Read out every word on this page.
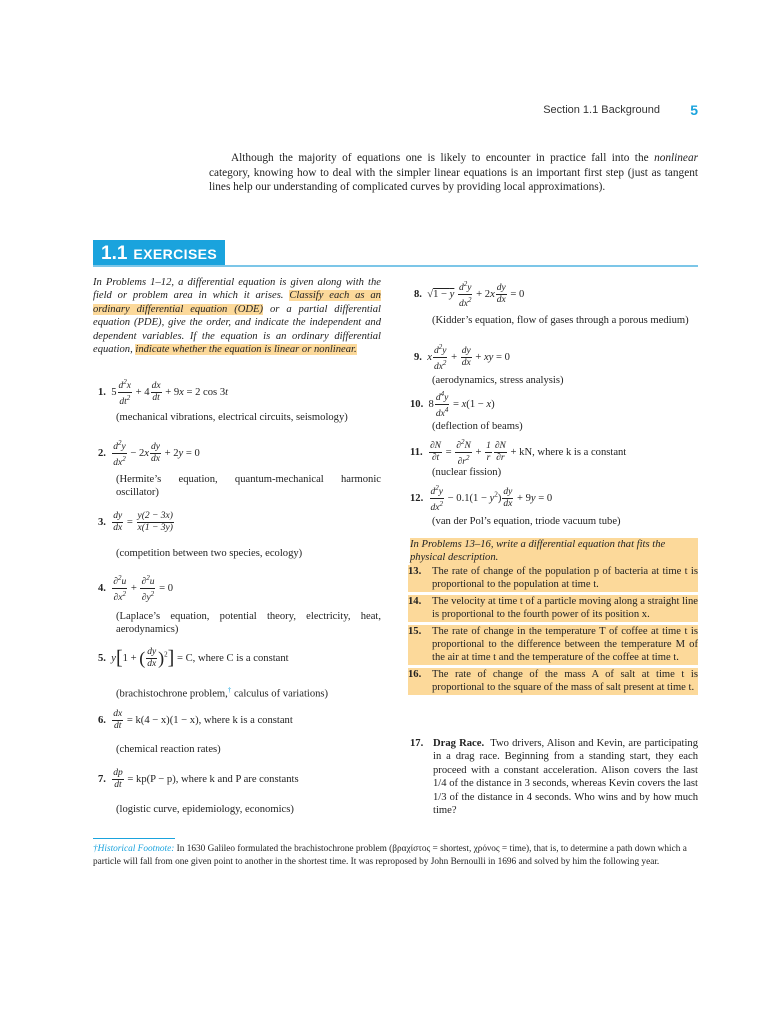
Section 1.1 Background 5
Although the majority of equations one is likely to encounter in practice fall into the nonlinear category, knowing how to deal with the simpler linear equations is an important first step (just as tangent lines help our understanding of complicated curves by providing local approximations).
1.1 EXERCISES
In Problems 1–12, a differential equation is given along with the field or problem area in which it arises. Classify each as an ordinary differential equation (ODE) or a partial differential equation (PDE), give the order, and indicate the independent and dependent variables. If the equation is an ordinary differential equation, indicate whether the equation is linear or nonlinear.
1.  $5 \frac{d^2x}{dt^2} + 4 \frac{dx}{dt} + 9x = 2$ cos 3t
(mechanical vibrations, electrical circuits, seismology)
2. $\frac{d^2y}{dx^2} - 2x \frac{dy}{dx} + 2y = 0$
(Hermite’s equation, quantum-mechanical harmonic oscillator)
3. $\frac{dy}{dx} = \frac{y(2 - 3x)}{x(1 - 3y)}$
(competition between two species, ecology)
4. $\frac{\partial^2u}{\partial x^2} + \frac{\partial^2u}{\partial y^2} = 0$
(Laplace’s equation, potential theory, electricity, heat, aerodynamics)
5. y[1 + ( $\frac{dy}{dx} )^2] = C$, where C is a constant
(brachistochrone problem,† calculus of variations)
6. $\frac{dx}{dt} = k(4 - x)(1 - x)$, where k is a constant
(chemical reaction rates)
7. $\frac{dp}{dt} = kp(P - p)$, where k and P are constants
(logistic curve, epidemiology, economics)
8.  √1 − y $\frac{d^2y}{dx^2} + 2x \frac{dy}{dx} = 0$
(Kidder’s equation, flow of gases through a porous medium)
9. x $\frac{d^2y}{dx^2} + \frac{dy}{dx}$ + xy = 0
(aerodynamics, stress analysis)
10.  $8 \frac{d^4y}{dx^4} = x(1 - x)$
(deflection of beams)
11. $\frac{\partial N}{\partial t} = \frac{\partial^2N}{\partial r^2} + \frac{1}{r} \frac{\partial N}{\partial r}$ + kN, where k is a constant
(nuclear fission)
12. $\frac{d^2y}{dx^2} - 0.1(1 - y^2) \frac{dy}{dx} + 9y = 0$
(van der Pol’s equation, triode vacuum tube)
In Problems 13–16, write a differential equation that fits the physical description.
13.	The rate of change of the population p of bacteria at time t is proportional to the population at time t.
14.	The velocity at time t of a particle moving along a straight line is proportional to the fourth power of its position x.
15.	The rate of change in the temperature T of coffee at time t is proportional to the difference between the temperature M of the air at time t and the temperature of the coffee at time t.
16.	The rate of change of the mass A of salt at time t is proportional to the square of the mass of salt present at time t.
17. Drag Race. Two drivers, Alison and Kevin, are participating in a drag race. Beginning from a standing start, they each proceed with a constant acceleration. Alison covers the last 1/4 of the distance in 3 seconds, whereas Kevin covers the last 1/3 of the distance in 4 seconds. Who wins and by how much time?
†Historical Footnote: In 1630 Galileo formulated the brachistochrone problem (βραχίστος = shortest, χρόνος = time), that is, to determine a path down which a particle will fall from one given point to another in the shortest time. It was reproposed by John Bernoulli in 1696 and solved by him the following year.
